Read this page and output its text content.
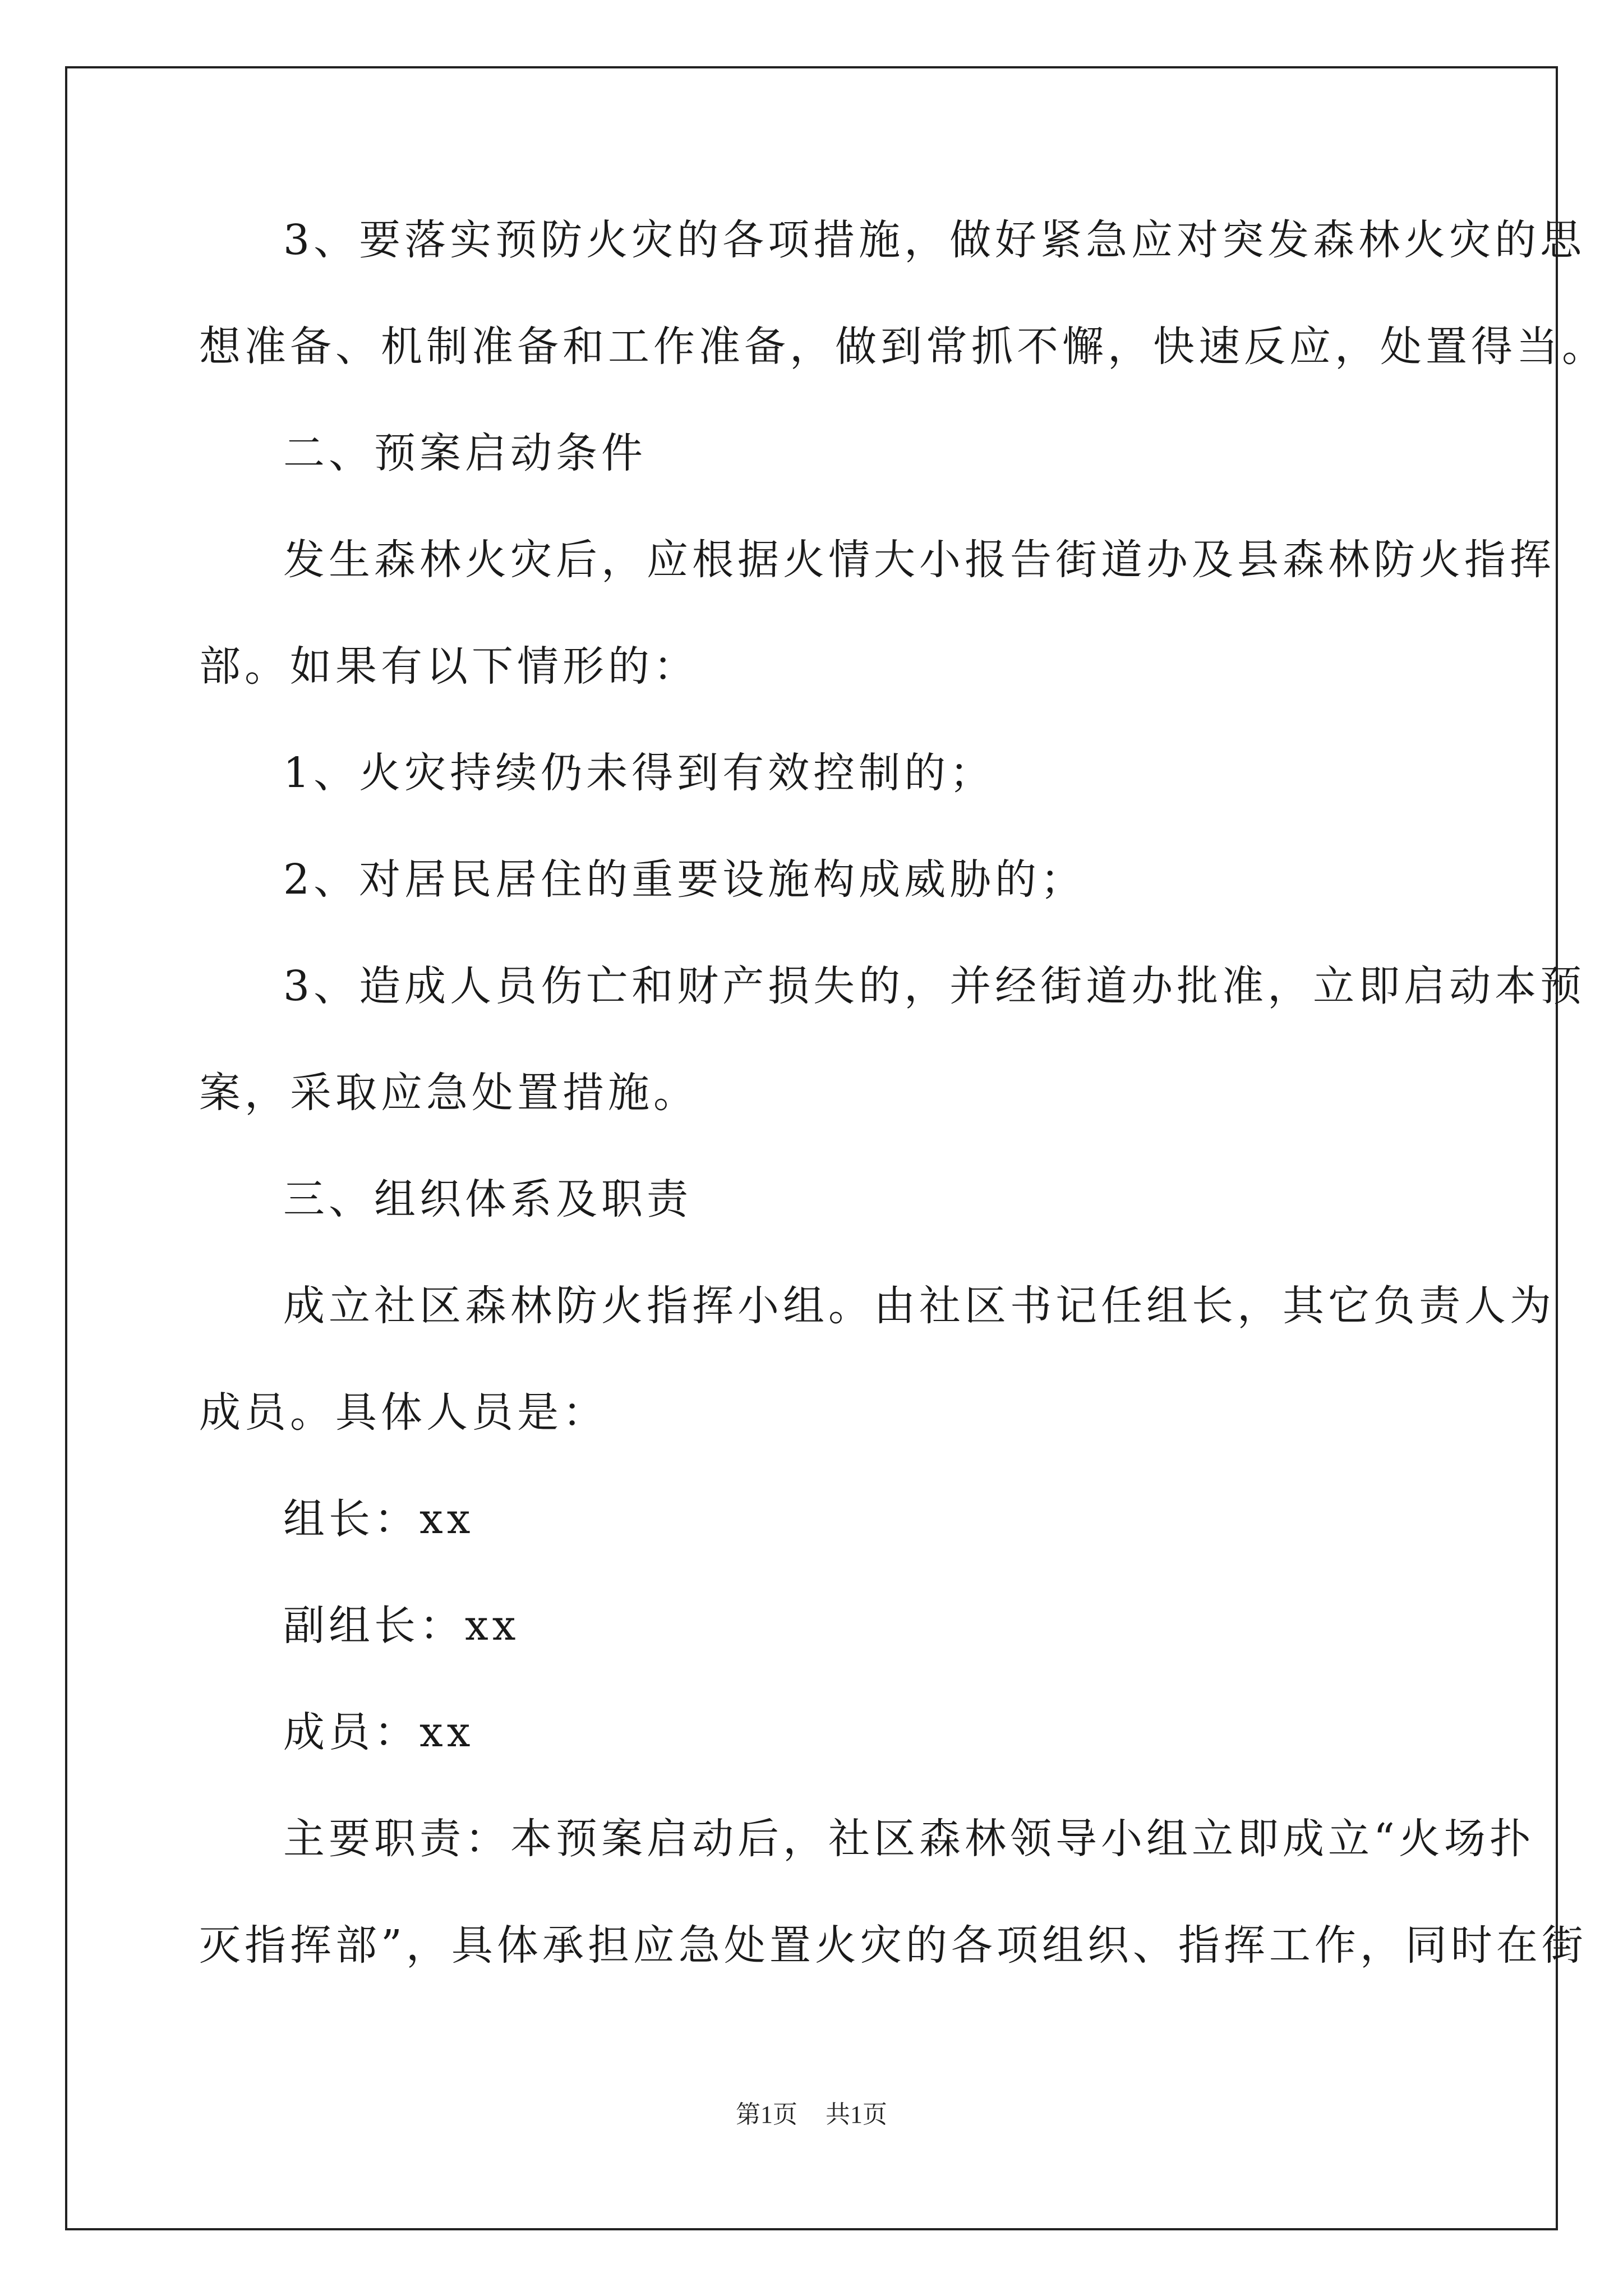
3、要落实预防火灾的各项措施，做好紧急应对突发森林火灾的思
想准备、机制准备和工作准备，做到常抓不懈，快速反应，处置得当。
二、预案启动条件
发生森林火灾后，应根据火情大小报告街道办及县森林防火指挥
部。如果有以下情形的：
1、火灾持续仍未得到有效控制的；
2、对居民居住的重要设施构成威胁的；
3、造成人员伤亡和财产损失的，并经街道办批准，立即启动本预
案，采取应急处置措施。
三、组织体系及职责
成立社区森林防火指挥小组。由社区书记任组长，其它负责人为
成员。具体人员是：
组长：xx
副组长：xx
成员：xx
主要职责：本预案启动后，社区森林领导小组立即成立“火场扑
灭指挥部”，具体承担应急处置火灾的各项组织、指挥工作，同时在街
第1页 共1页
